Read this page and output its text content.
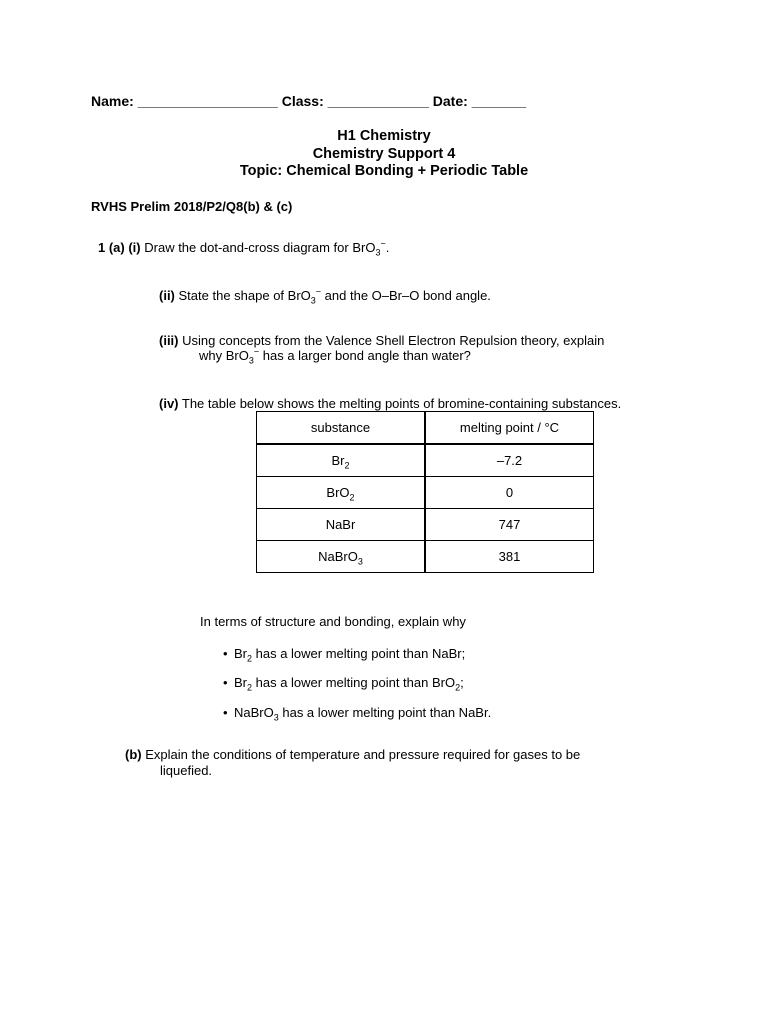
Name: __________________ Class: _____________ Date: _______
H1 Chemistry
Chemistry Support 4
Topic: Chemical Bonding + Periodic Table
RVHS Prelim 2018/P2/Q8(b) & (c)
1 (a) (i) Draw the dot-and-cross diagram for BrO$_3$−.
(ii) State the shape of BrO$_3$− and the O–Br–O bond angle.
(iii) Using concepts from the Valence Shell Electron Repulsion theory, explain
why BrO$_3$− has a larger bond angle than water?
(iv) The table below shows the melting points of bromine-containing substances.
substance	melting point / °C
$Br_2$	–7.2
BrO$_2$	0
NaBr	747
NaBrO$_3$	381
In terms of structure and bonding, explain why
• $Br_2$ has a lower melting point than NaBr;
• $Br_2$ has a lower melting point than BrO$_2$;
• NaBrO$_3$ has a lower melting point than NaBr.
(b) Explain the conditions of temperature and pressure required for gases to be
liquefied.
